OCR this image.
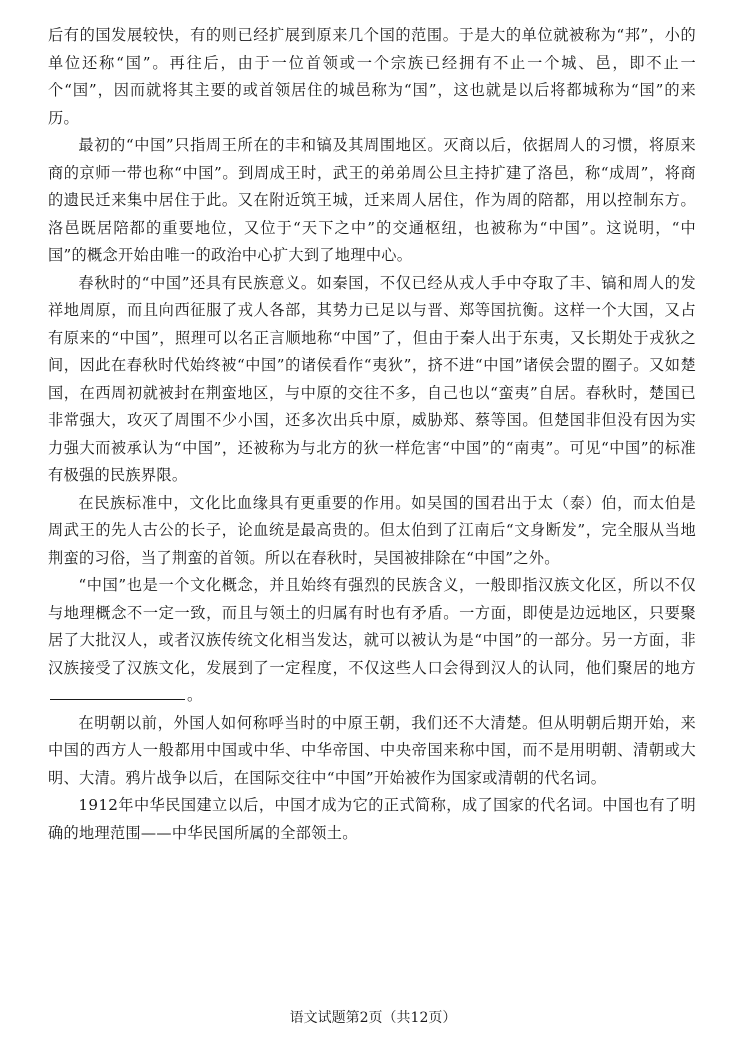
后有的国发展较快，有的则已经扩展到原来几个国的范围。于是大的单位就被称为“邦”，小的单位还称“国”。再往后，由于一位首领或一个宗族已经拥有不止一个城、邑，即不止一个“国”，因而就将其主要的或首领居住的城邑称为“国”，这也就是以后将都城称为“国”的来历。

最初的“中国”只指周王所在的丰和镐及其周围地区。灭商以后，依据周人的习惯，将原来商的京师一带也称“中国”。到周成王时，武王的弟弟周公旦主持扩建了洛邑，称“成周”，将商的遗民迁来集中居住于此。又在附近筑王城，迁来周人居住，作为周的陪都，用以控制东方。洛邑既居陪都的重要地位，又位于“天下之中”的交通枢纽，也被称为“中国”。这说明，“中国”的概念开始由唯一的政治中心扩大到了地理中心。

春秋时的“中国”还具有民族意义。如秦国，不仅已经从戎人手中夺取了丰、镐和周人的发祥地周原，而且向西征服了戎人各部，其势力已足以与晋、郑等国抗衡。这样一个大国，又占有原来的“中国”，照理可以名正言顺地称“中国”了，但由于秦人出于东夷，又长期处于戎狄之间，因此在春秋时代始终被“中国”的诸侯看作“夷狄”，挤不进“中国”诸侯会盟的圈子。又如楚国，在西周初就被封在荆蛮地区，与中原的交往不多，自己也以“蛮夷”自居。春秋时，楚国已非常强大，攻灭了周围不少小国，还多次出兵中原，威胁郑、蔡等国。但楚国非但没有因为实力强大而被承认为“中国”，还被称为与北方的狄一样危害“中国”的“南夷”。可见“中国”的标准有极强的民族界限。

在民族标准中，文化比血缘具有更重要的作用。如吴国的国君出于太（泰）伯，而太伯是周武王的先人古公的长子，论血统是最高贵的。但太伯到了江南后“文身断发”，完全服从当地荆蛮的习俗，当了荆蛮的首领。所以在春秋时，吴国被排除在“中国”之外。

“中国”也是一个文化概念，并且始终有强烈的民族含义，一般即指汉族文化区，所以不仅与地理概念不一定一致，而且与领土的归属有时也有矛盾。一方面，即使是边远地区，只要聚居了大批汉人，或者汉族传统文化相当发达，就可以被认为是“中国”的一部分。另一方面，非汉族接受了汉族文化，发展到了一定程度，不仅这些人口会得到汉人的认同，他们聚居的地方。

在明朝以前，外国人如何称呼当时的中原王朝，我们还不大清楚。但从明朝后期开始，来中国的西方人一般都用中国或中华、中华帝国、中央帝国来称中国，而不是用明朝、清朝或大明、大清。鸦片战争以后，在国际交往中“中国”开始被作为国家或清朝的代名词。

1912年中华民国建立以后，中国才成为它的正式简称，成了国家的代名词。中国也有了明确的地理范围——中华民国所属的全部领土。

语文试题第2页（共12页）
